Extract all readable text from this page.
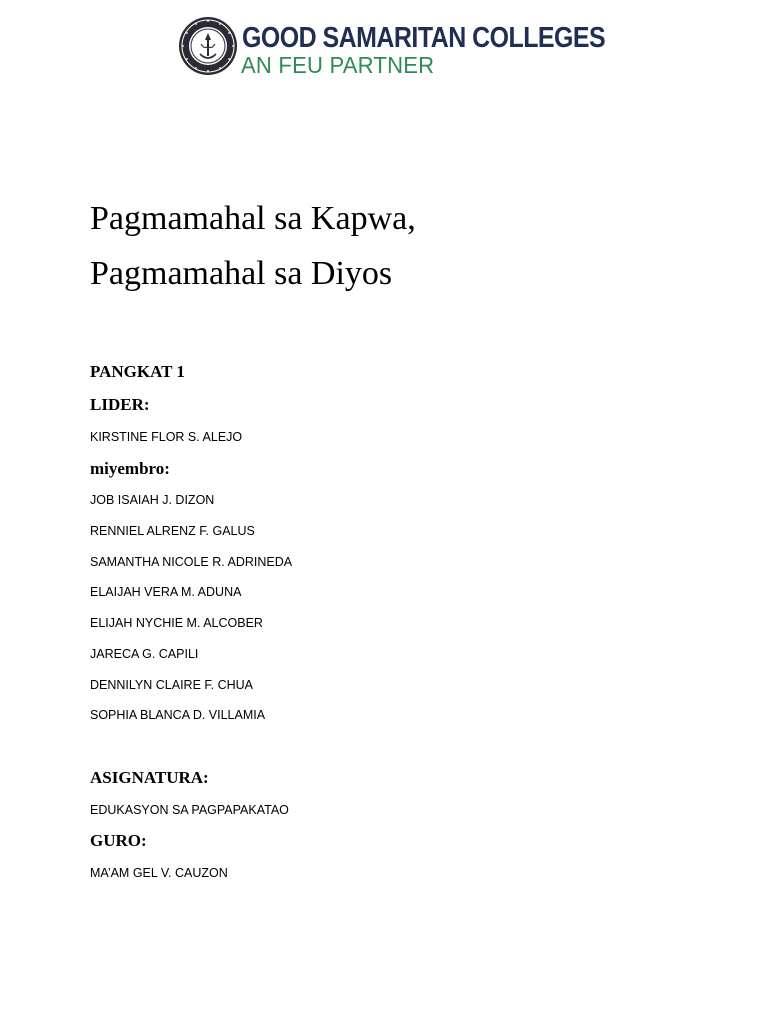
GOOD SAMARITAN COLLEGES
AN FEU PARTNER
Pagmamahal sa Kapwa,
Pagmamahal sa Diyos
PANGKAT 1
LIDER:
KIRSTINE FLOR S. ALEJO
miyembro:
JOB ISAIAH J. DIZON
RENNIEL ALRENZ F. GALUS
SAMANTHA NICOLE R. ADRINEDA
ELAIJAH VERA M. ADUNA
ELIJAH NYCHIE M. ALCOBER
JARECA G. CAPILI
DENNILYN CLAIRE F. CHUA
SOPHIA BLANCA D. VILLAMIA
ASIGNATURA:
EDUKASYON SA PAGPAPAKATAO
GURO:
MA’AM GEL V. CAUZON
